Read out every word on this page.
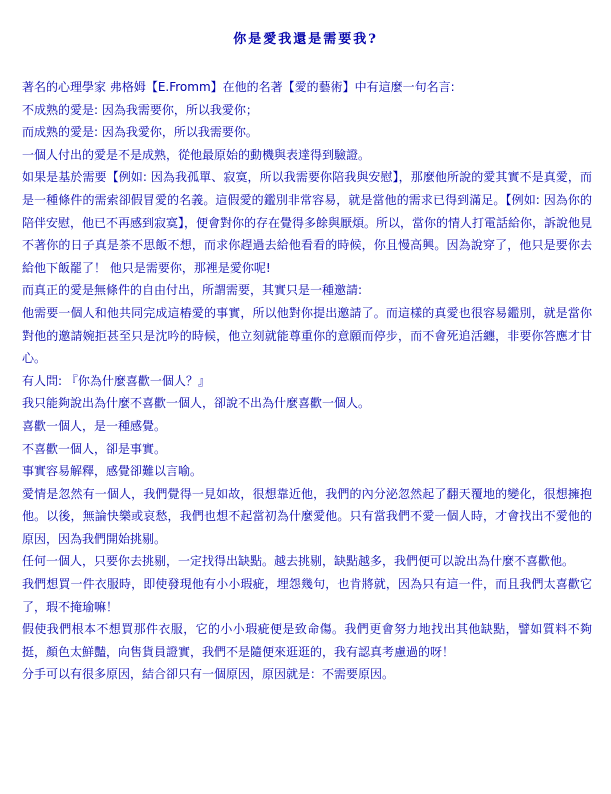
你是愛我還是需要我?

著名的心理學家 弗格姆【E.Fromm】在他的名著【愛的藝術】中有這麼一句名言:

不成熟的愛是: 因為我需要你，所以我愛你；

而成熟的愛是: 因為我愛你，所以我需要你。

一個人付出的愛是不是成熟，從他最原始的動機與表達得到驗證。

如果是基於需要【例如: 因為我孤單、寂寞，所以我需要你陪我與安慰】，那麼他所說的愛其實不是真愛，而是一種條件的需索卻假冒愛的名義。這假愛的鑑別非常容易，就是當他的需求已得到滿足。【例如: 因為你的陪伴安慰，他已不再感到寂寞】，便會對你的存在覺得多餘與厭煩。所以，當你的情人打電話給你，訴說他見不著你的日子真是茶不思飯不想，而求你趕過去給他看看的時候，你且慢高興。因為說穿了，他只是要你去給他下飯罷了！ 他只是需要你，那裡是愛你呢!

而真正的愛是無條件的自由付出，所謂需要，其實只是一種邀請:

他需要一個人和他共同完成這樁愛的事實，所以他對你提出邀請了。而這樣的真愛也很容易鑑別，就是當你對他的邀請婉拒甚至只是沈吟的時候，他立刻就能尊重你的意願而停步，而不會死追活纏，非要你答應才甘心。

有人問: 『你為什麼喜歡一個人？』

我只能夠說出為什麼不喜歡一個人，卻說不出為什麼喜歡一個人。

喜歡一個人，是一種感覺。

不喜歡一個人，卻是事實。

事實容易解釋，感覺卻難以言喻。

愛情是忽然有一個人，我們覺得一見如故，很想靠近他，我們的內分泌忽然起了翻天覆地的變化，很想擁抱他。以後，無論快樂或哀愁，我們也想不起當初為什麼愛他。只有當我們不愛一個人時，才會找出不愛他的原因，因為我們開始挑剔。

任何一個人，只要你去挑剔，一定找得出缺點。越去挑剔，缺點越多，我們便可以說出為什麼不喜歡他。

我們想買一件衣服時，即使發現他有小小瑕疵，埋怨幾句，也肯將就，因為只有這一件，而且我們太喜歡它了，瑕不掩瑜嘛！

假使我們根本不想買那件衣服，它的小小瑕疵便是致命傷。我們更會努力地找出其他缺點，譬如質料不夠挺，顏色太鮮豔，向售貨員證實，我們不是隨便來逛逛的，我有認真考慮過的呀！

分手可以有很多原因，結合卻只有一個原因，原因就是：不需要原因。
